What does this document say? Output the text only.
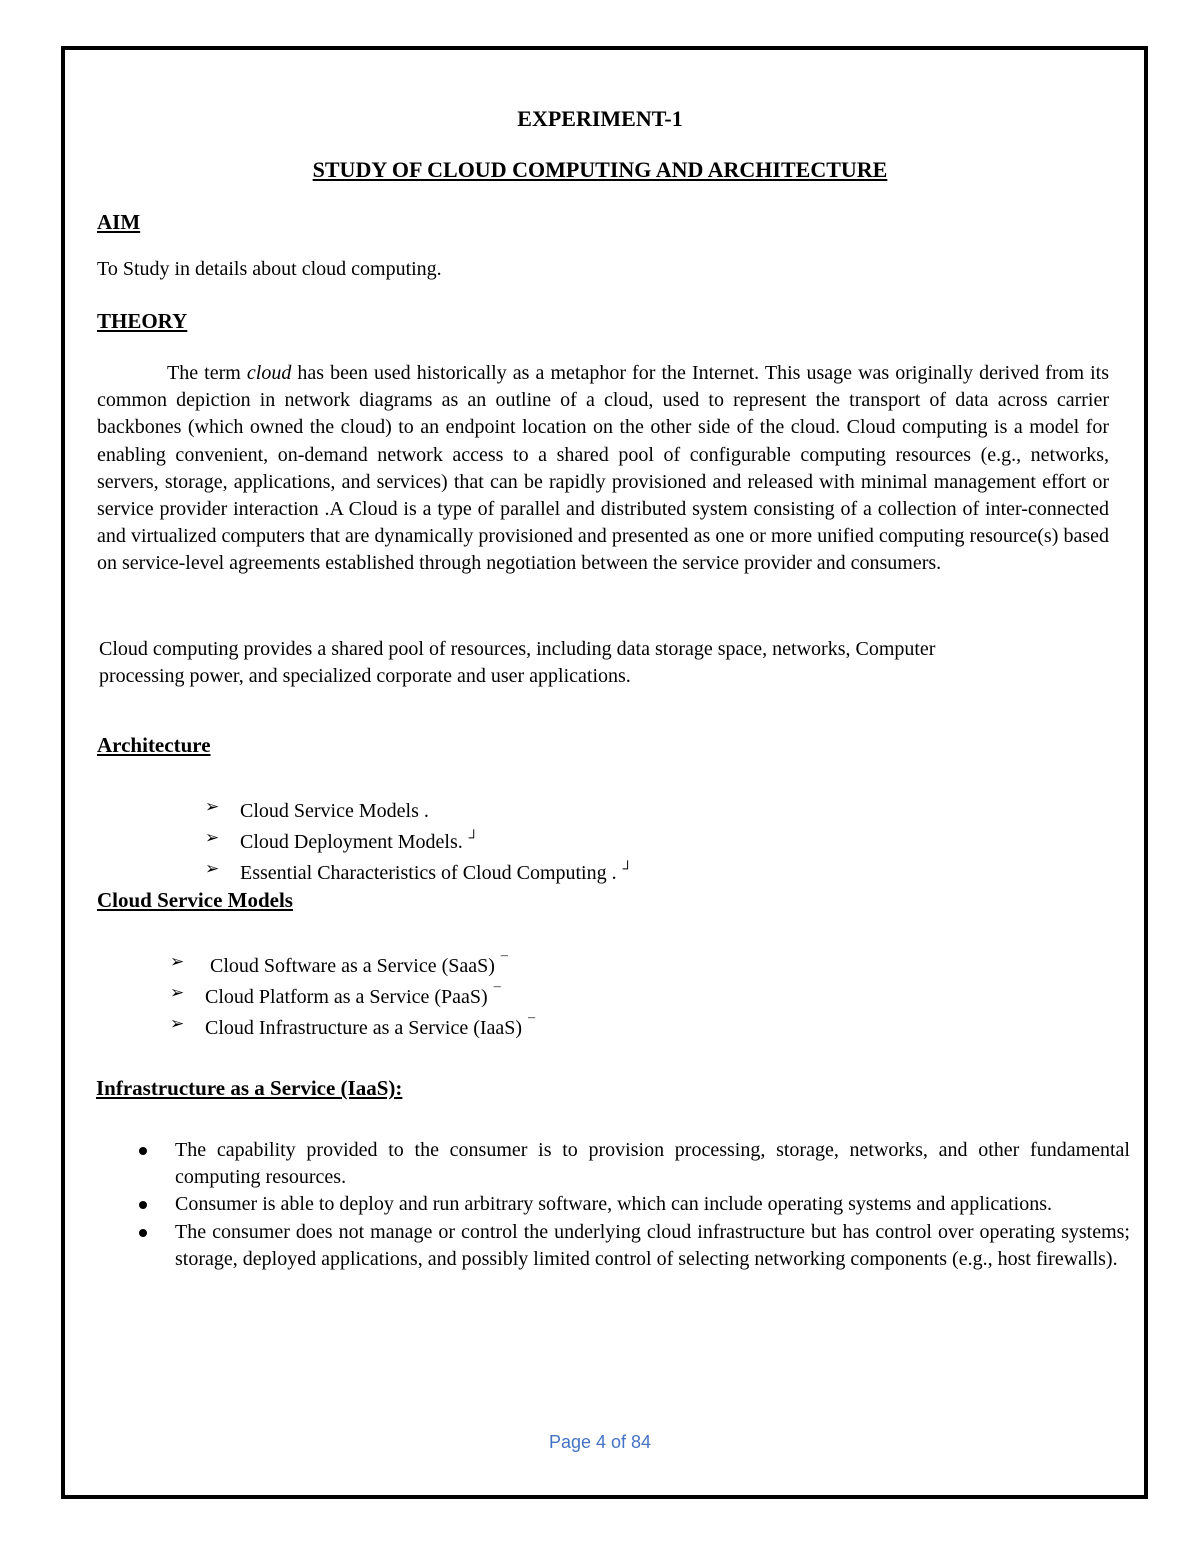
EXPERIMENT-1
STUDY OF CLOUD COMPUTING AND ARCHITECTURE
AIM
To Study in details about cloud computing.
THEORY
The term cloud has been used historically as a metaphor for the Internet. This usage was originally derived from its common depiction in network diagrams as an outline of a cloud, used to represent the transport of data across carrier backbones (which owned the cloud) to an endpoint location on the other side of the cloud. Cloud computing is a model for enabling convenient, on-demand network access to a shared pool of configurable computing resources (e.g., networks, servers, storage, applications, and services) that can be rapidly provisioned and released with minimal management effort or service provider interaction .A Cloud is a type of parallel and distributed system consisting of a collection of inter-connected and virtualized computers that are dynamically provisioned and presented as one or more unified computing resource(s) based on service-level agreements established through negotiation between the service provider and consumers.
Cloud computing provides a shared pool of resources, including data storage space, networks, Computer
processing power, and specialized corporate and user applications.
Architecture
➢ Cloud Service Models .
➢ Cloud Deployment Models. ┘
➢ Essential Characteristics of Cloud Computing . ┘
Cloud Service Models
➢ Cloud Software as a Service (SaaS) ¯
➢ Cloud Platform as a Service (PaaS) ¯
➢ Cloud Infrastructure as a Service (IaaS) ¯
Infrastructure as a Service (IaaS):
The capability provided to the consumer is to provision processing, storage, networks, and other fundamental computing resources.
Consumer is able to deploy and run arbitrary software, which can include operating systems and applications.
The consumer does not manage or control the underlying cloud infrastructure but has control over operating systems; storage, deployed applications, and possibly limited control of selecting networking components (e.g., host firewalls).
Page 4 of 84
